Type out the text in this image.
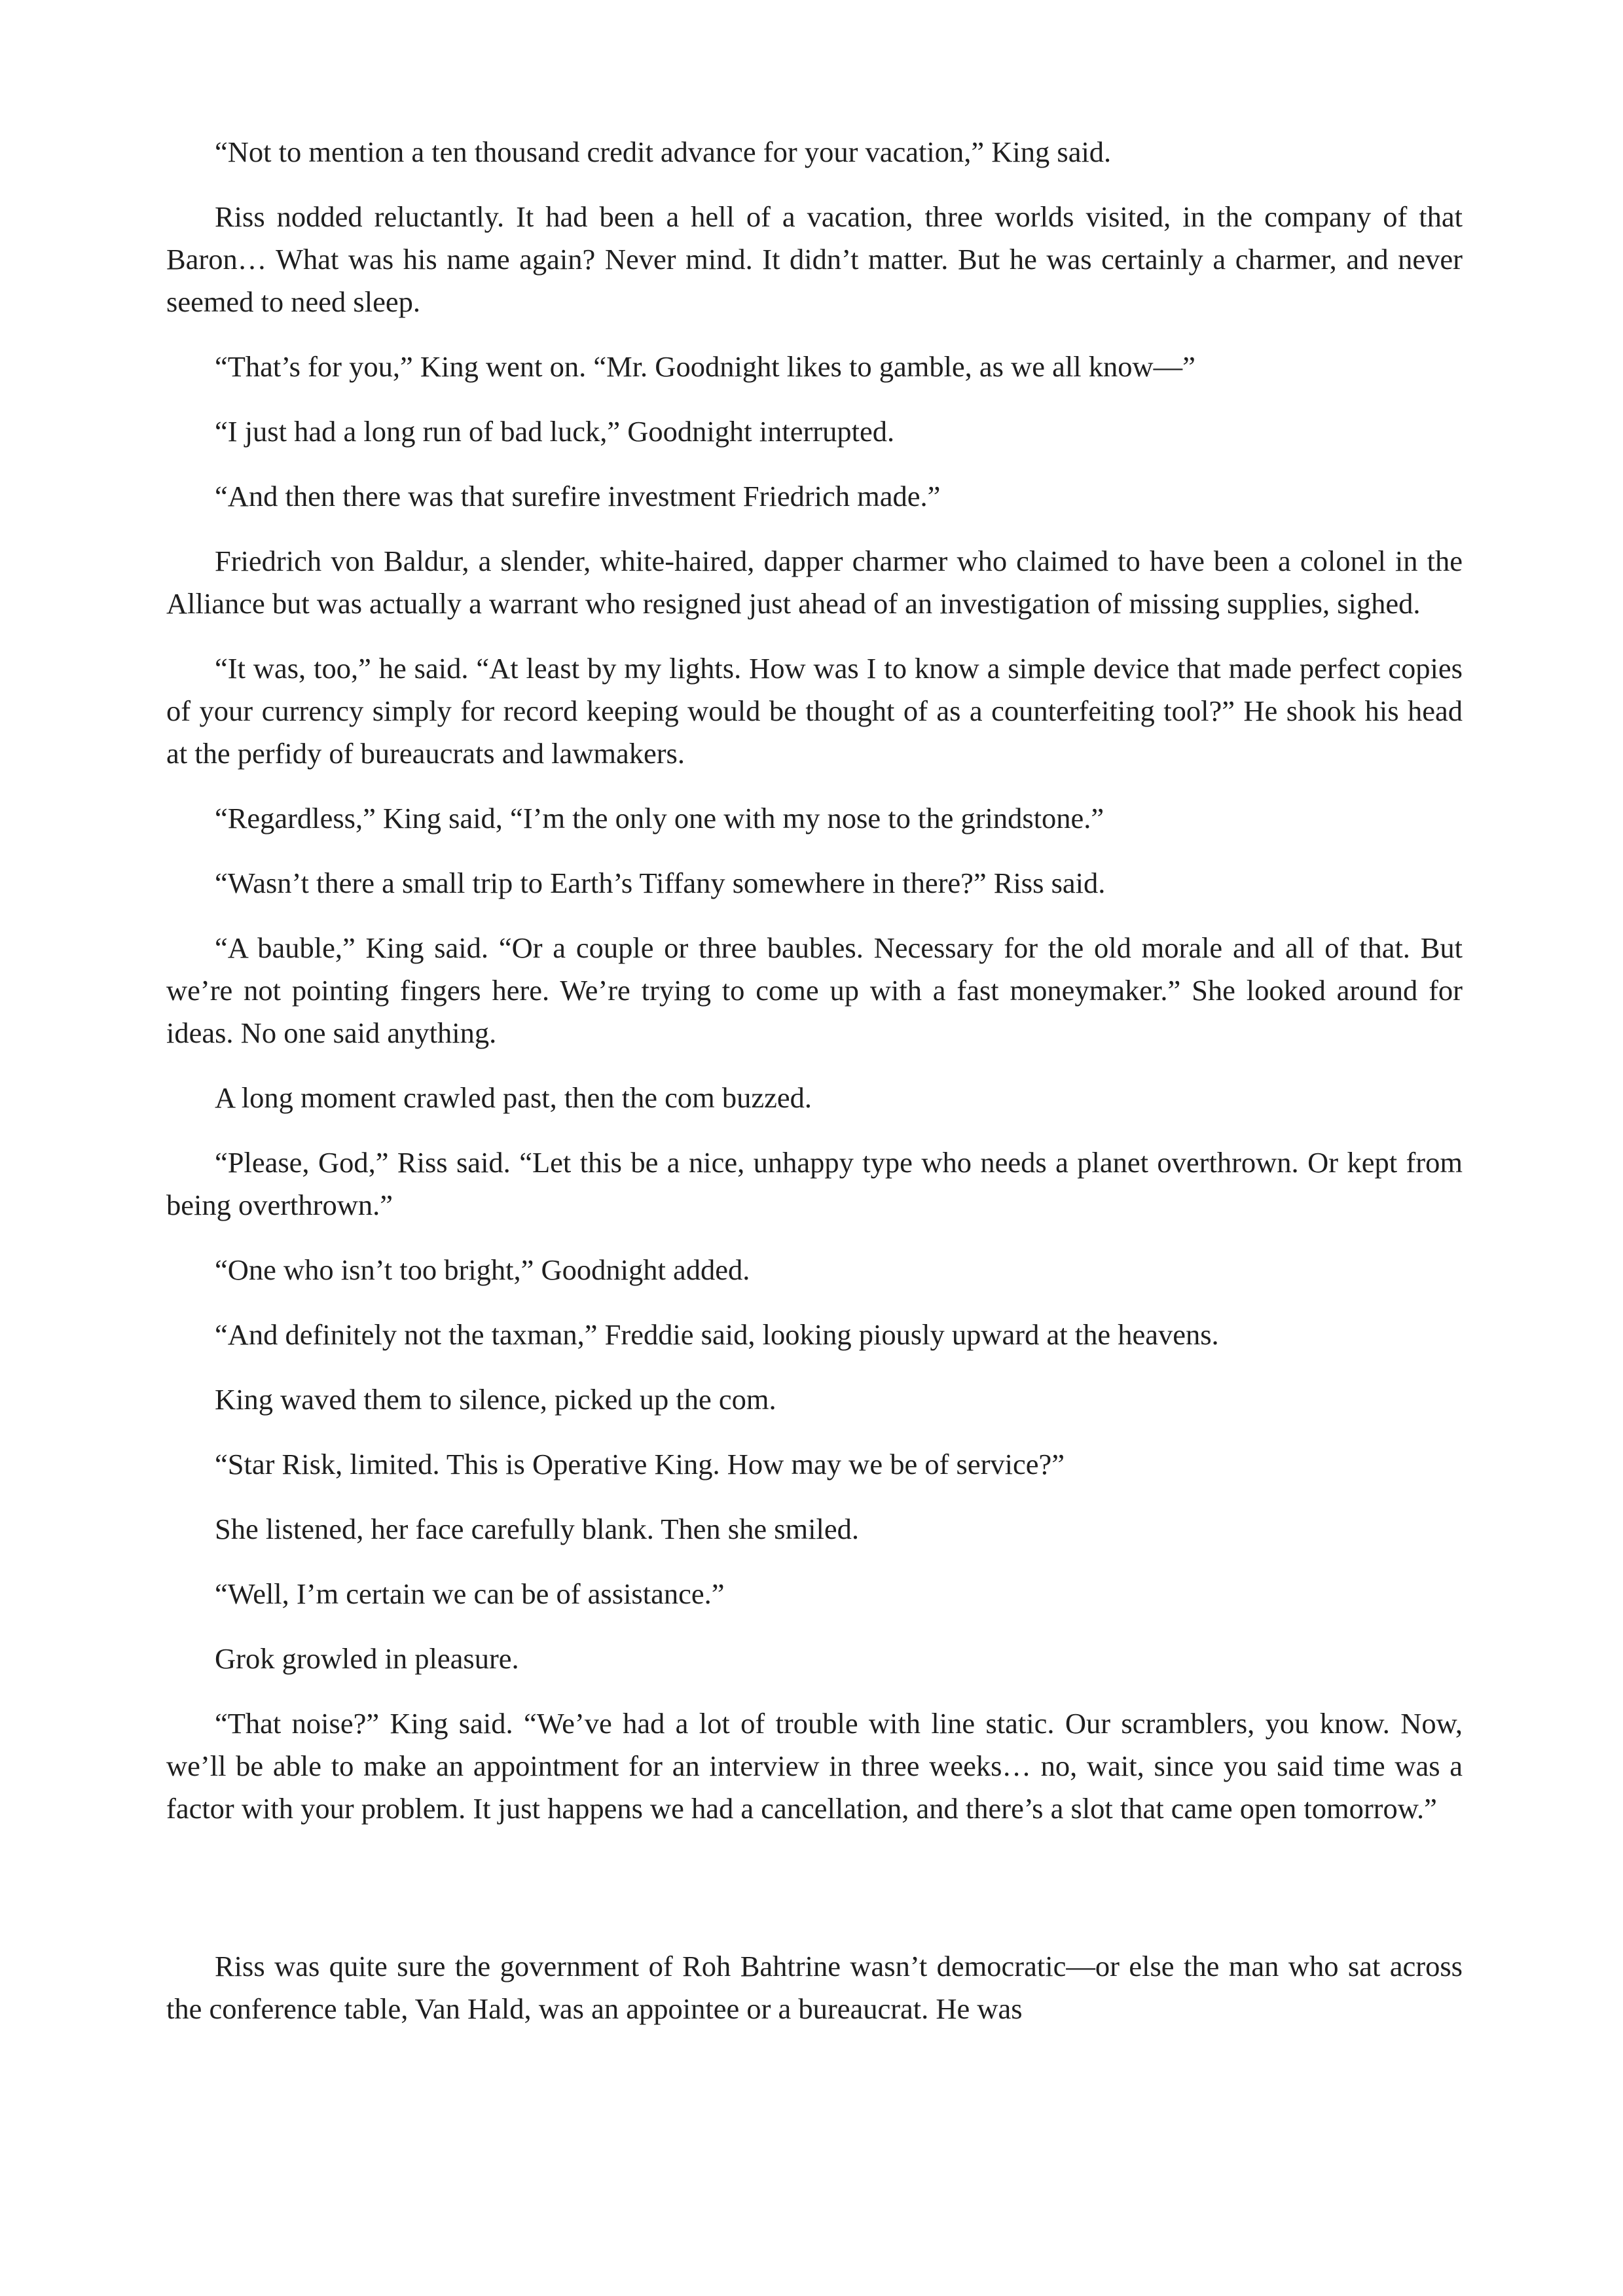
“Not to mention a ten thousand credit advance for your vacation,” King said.

Riss nodded reluctantly. It had been a hell of a vacation, three worlds visited, in the company of that Baron… What was his name again? Never mind. It didn’t matter. But he was certainly a charmer, and never seemed to need sleep.

“That’s for you,” King went on. “Mr. Goodnight likes to gamble, as we all know—”

“I just had a long run of bad luck,” Goodnight interrupted.

“And then there was that surefire investment Friedrich made.”

Friedrich von Baldur, a slender, white-haired, dapper charmer who claimed to have been a colonel in the Alliance but was actually a warrant who resigned just ahead of an investigation of missing supplies, sighed.

“It was, too,” he said. “At least by my lights. How was I to know a simple device that made perfect copies of your currency simply for record keeping would be thought of as a counterfeiting tool?” He shook his head at the perfidy of bureaucrats and lawmakers.

“Regardless,” King said, “I’m the only one with my nose to the grindstone.”

“Wasn’t there a small trip to Earth’s Tiffany somewhere in there?” Riss said.

“A bauble,” King said. “Or a couple or three baubles. Necessary for the old morale and all of that. But we’re not pointing fingers here. We’re trying to come up with a fast moneymaker.” She looked around for ideas. No one said anything.

A long moment crawled past, then the com buzzed.

“Please, God,” Riss said. “Let this be a nice, unhappy type who needs a planet overthrown. Or kept from being overthrown.”

“One who isn’t too bright,” Goodnight added.

“And definitely not the taxman,” Freddie said, looking piously upward at the heavens.

King waved them to silence, picked up the com.

“Star Risk, limited. This is Operative King. How may we be of service?”

She listened, her face carefully blank. Then she smiled.

“Well, I’m certain we can be of assistance.”

Grok growled in pleasure.

“That noise?” King said. “We’ve had a lot of trouble with line static. Our scramblers, you know. Now, we’ll be able to make an appointment for an interview in three weeks… no, wait, since you said time was a factor with your problem. It just happens we had a cancellation, and there’s a slot that came open tomorrow.”

Riss was quite sure the government of Roh Bahtrine wasn’t democratic—or else the man who sat across the conference table, Van Hald, was an appointee or a bureaucrat. He was
